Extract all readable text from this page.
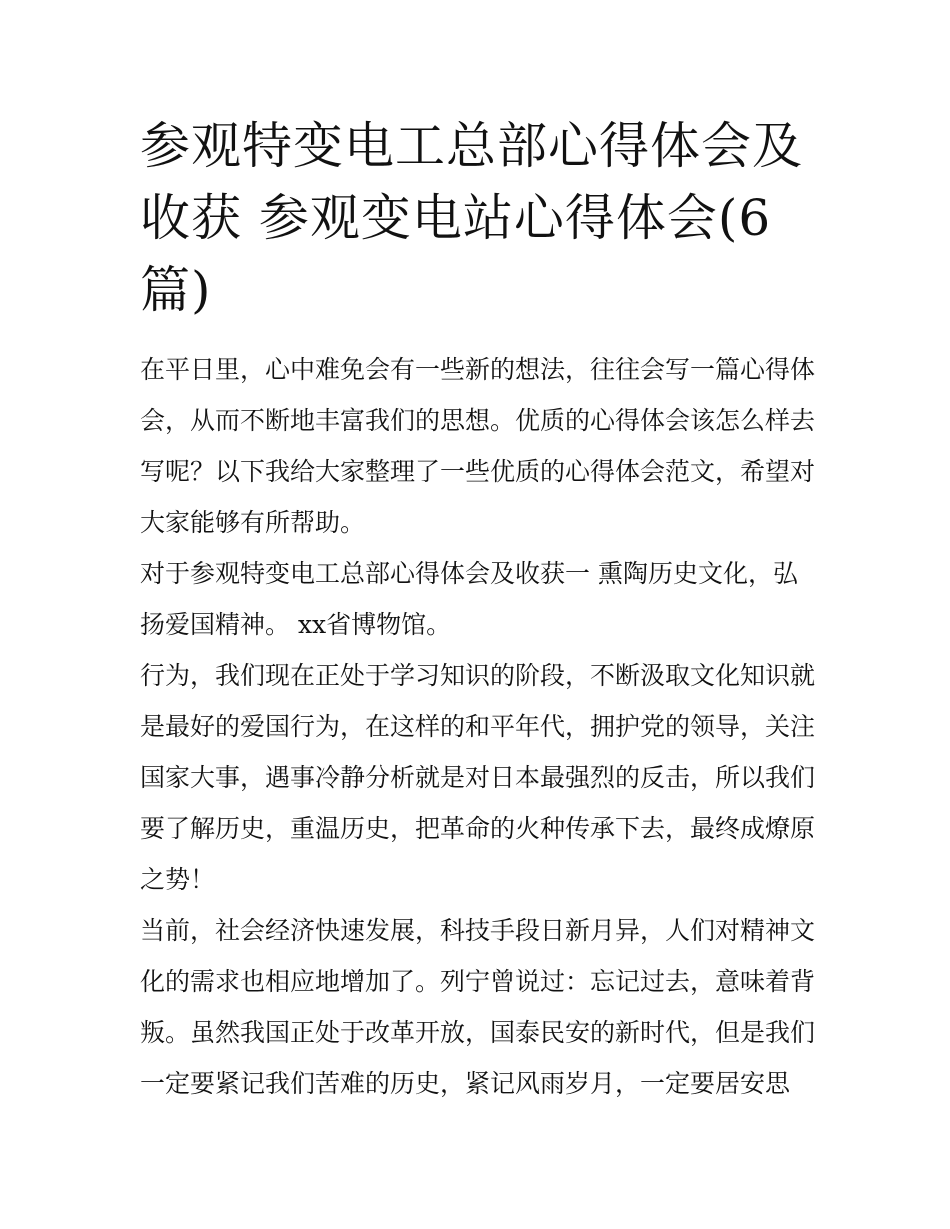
参观特变电工总部心得体会及收获 参观变电站心得体会(6篇)

在平日里，心中难免会有一些新的想法，往往会写一篇心得体会，从而不断地丰富我们的思想。优质的心得体会该怎么样去写呢？以下我给大家整理了一些优质的心得体会范文，希望对大家能够有所帮助。

对于参观特变电工总部心得体会及收获一 熏陶历史文化，弘扬爱国精神。 xx省博物馆。

行为，我们现在正处于学习知识的阶段，不断汲取文化知识就是最好的爱国行为，在这样的和平年代，拥护党的领导，关注国家大事，遇事冷静分析就是对日本最强烈的反击，所以我们要了解历史，重温历史，把革命的火种传承下去，最终成燎原之势！

当前，社会经济快速发展，科技手段日新月异，人们对精神文化的需求也相应地增加了。列宁曾说过：忘记过去，意味着背叛。虽然我国正处于改革开放，国泰民安的新时代，但是我们一定要紧记我们苦难的历史，紧记风雨岁月，一定要居安思
